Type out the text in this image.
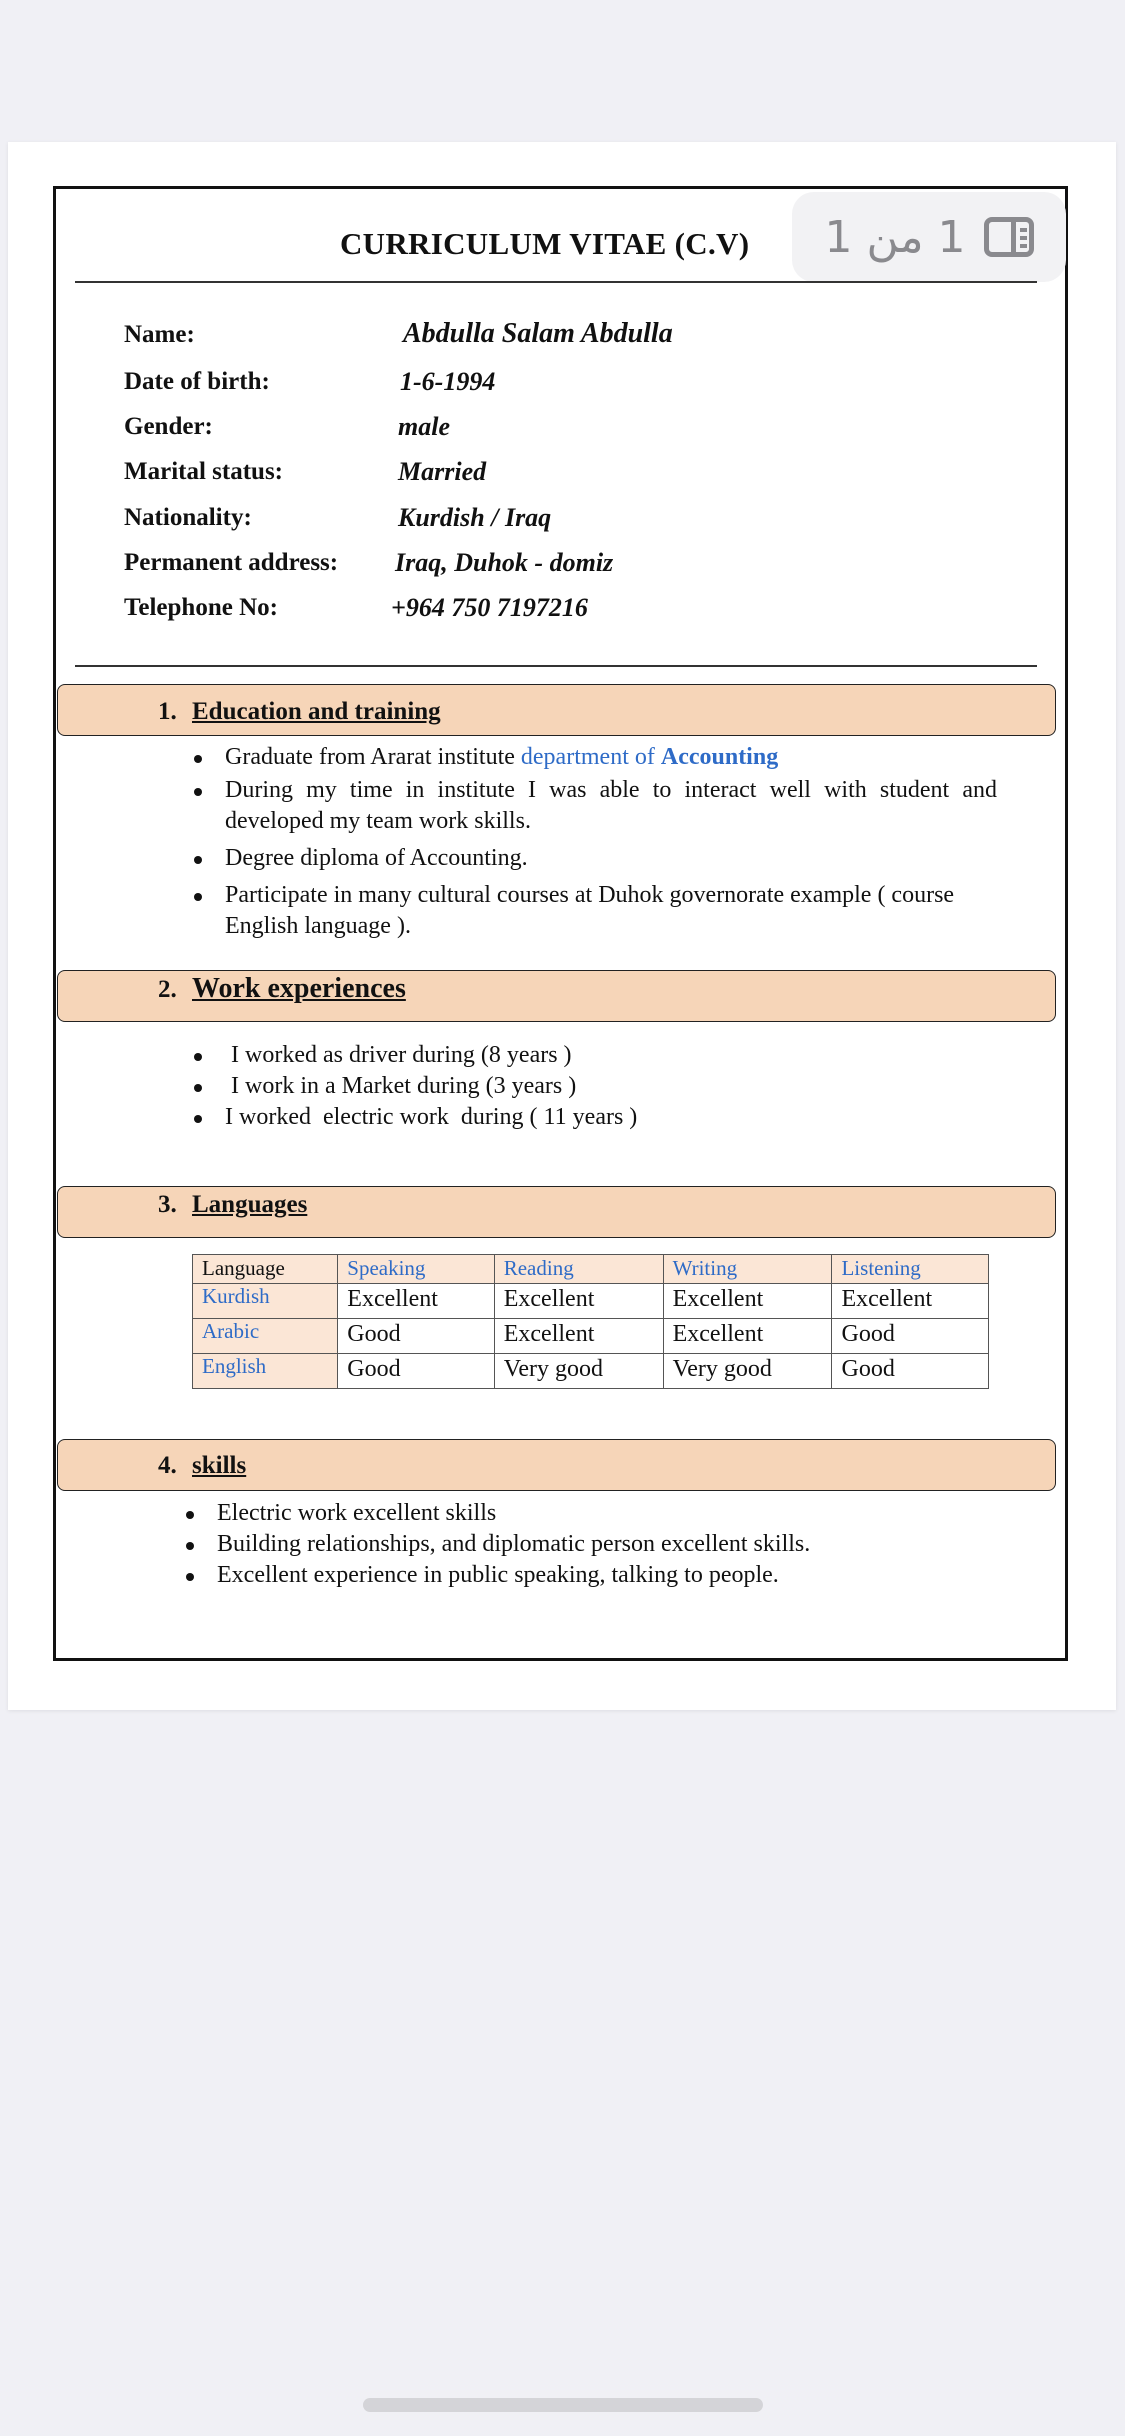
CURRICULUM VITAE (C.V) 1 من 1
Name:	Abdulla Salam Abdulla
Date of birth:	1-6-1994
Gender:	male
Marital status:	Married
Nationality:	Kurdish / Iraq
Permanent address: Iraq, Duhok - domiz
Telephone No:	+964 750 7197216
1. Education and training
Graduate from Ararat institute department of Accounting
During my time in institute I was able to interact well with student and developed my team work skills.
Degree diploma of Accounting.
Participate in many cultural courses at Duhok governorate example ( course English language ).
2. Work experiences
I worked as driver during (8 years )
I work in a Market during (3 years )
I worked  electric work  during ( 11 years )
3. Languages
Language	Speaking	Reading	Writing	Listening
Kurdish	Excellent	Excellent	Excellent	Excellent
Arabic	Good	Excellent	Excellent	Good
English	Good	Very good	Very good	Good
4. skills
Electric work excellent skills
Building relationships, and diplomatic person excellent skills.
Excellent experience in public speaking, talking to people.
